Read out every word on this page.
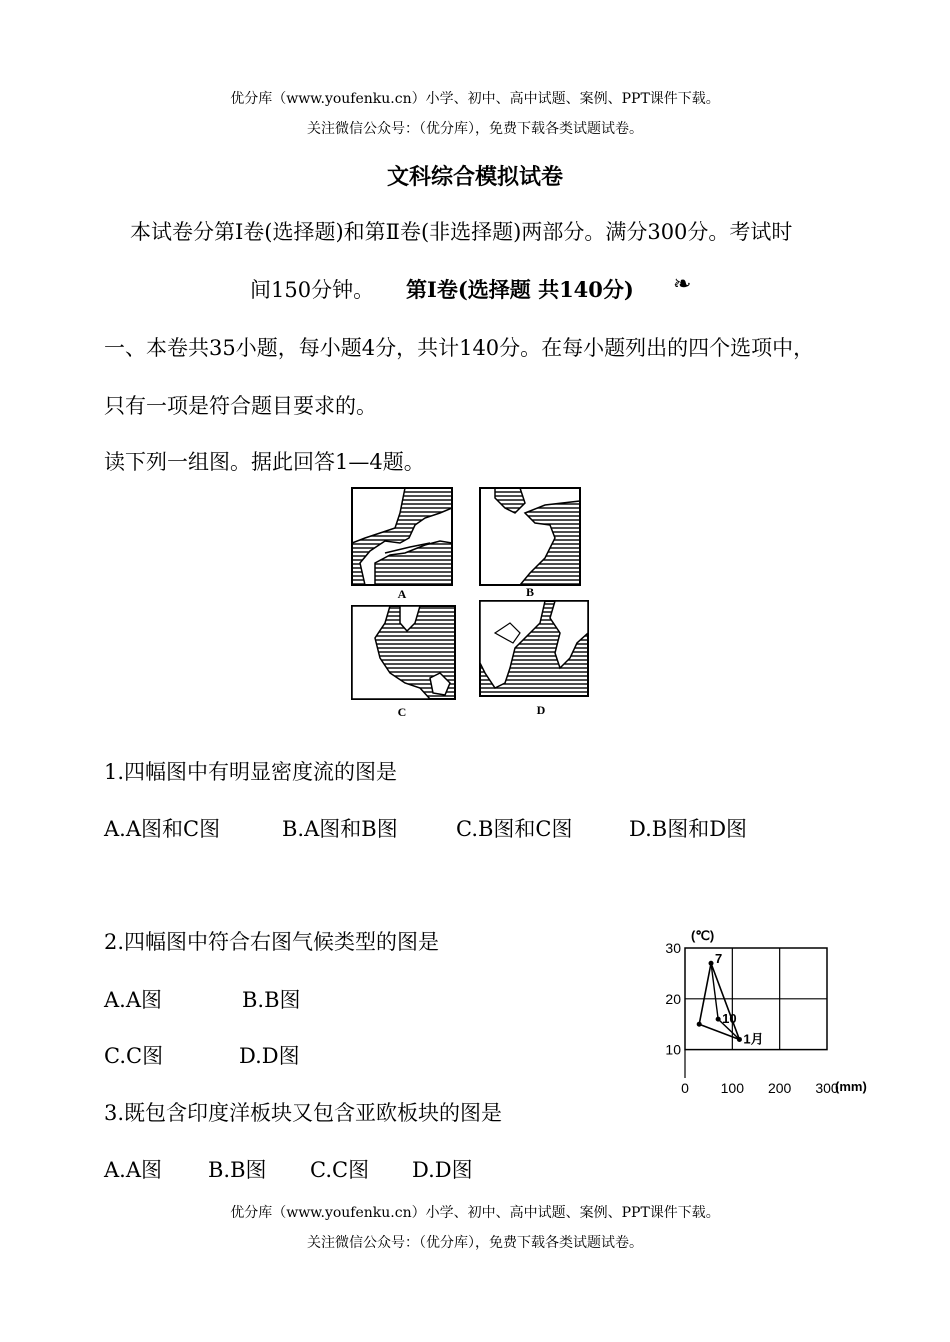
优分库（www.youfenku.cn）小学、初中、高中试题、案例、PPT课件下载。
关注微信公众号：（优分库），免费下载各类试题试卷。
文科综合模拟试卷
本试卷分第Ⅰ卷(选择题)和第Ⅱ卷(非选择题)两部分。满分300分。考试时
间150分钟。 第Ⅰ卷(选择题 共140分) ❧
一、本卷共35小题，每小题4分，共计140分。在每小题列出的四个选项中，
只有一项是符合题目要求的。
读下列一组图。据此回答1—4题。
A	B
C	D
1.四幅图中有明显密度流的图是
A.A图和C图	B.A图和B图	C.B图和C图	D.B图和D图
2.四幅图中符合右图气候类型的图是
A.A图	B.B图
C.C图	D.D图	10
20
30
0 100 200 300
7
10
1月
(℃)
(mm)
3.既包含印度洋板块又包含亚欧板块的图是
A.A图 B.B图 C.C图 D.D图
优分库（www.youfenku.cn）小学、初中、高中试题、案例、PPT课件下载。
关注微信公众号：（优分库），免费下载各类试题试卷。
